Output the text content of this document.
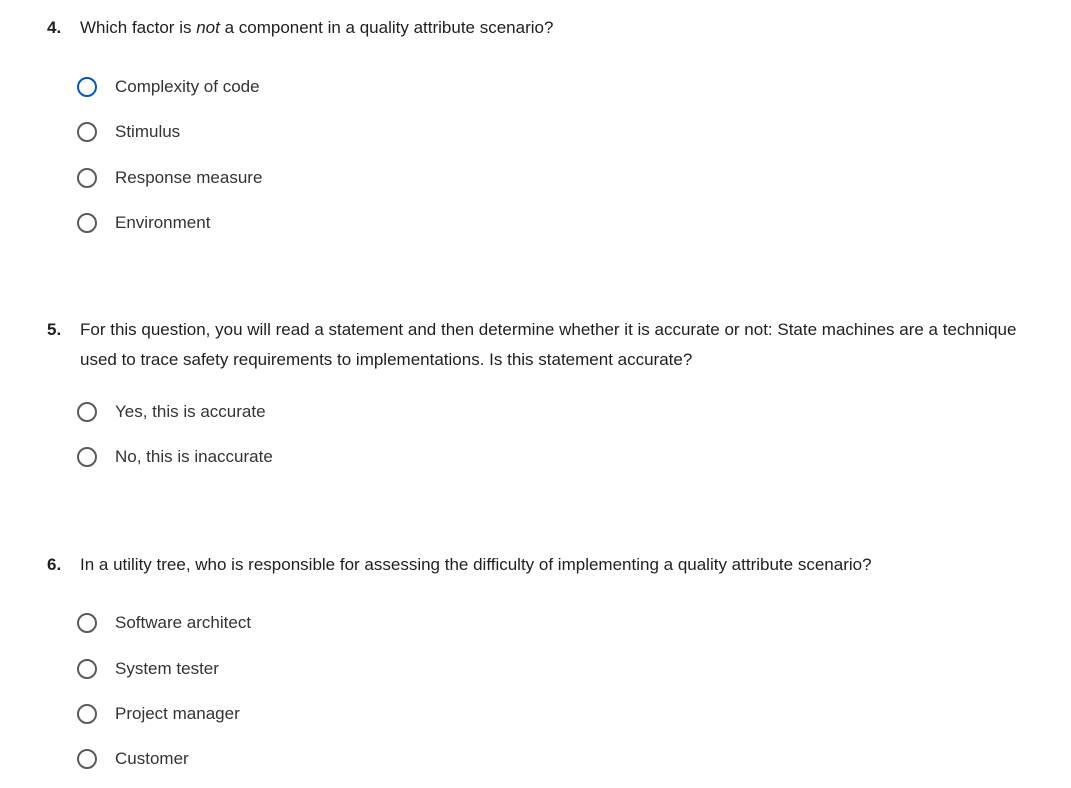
4. Which factor is not a component in a quality attribute scenario?
Complexity of code
Stimulus
Response measure
Environment
5. For this question, you will read a statement and then determine whether it is accurate or not: State machines are a technique used to trace safety requirements to implementations. Is this statement accurate?
Yes, this is accurate
No, this is inaccurate
6. In a utility tree, who is responsible for assessing the difficulty of implementing a quality attribute scenario?
Software architect
System tester
Project manager
Customer
